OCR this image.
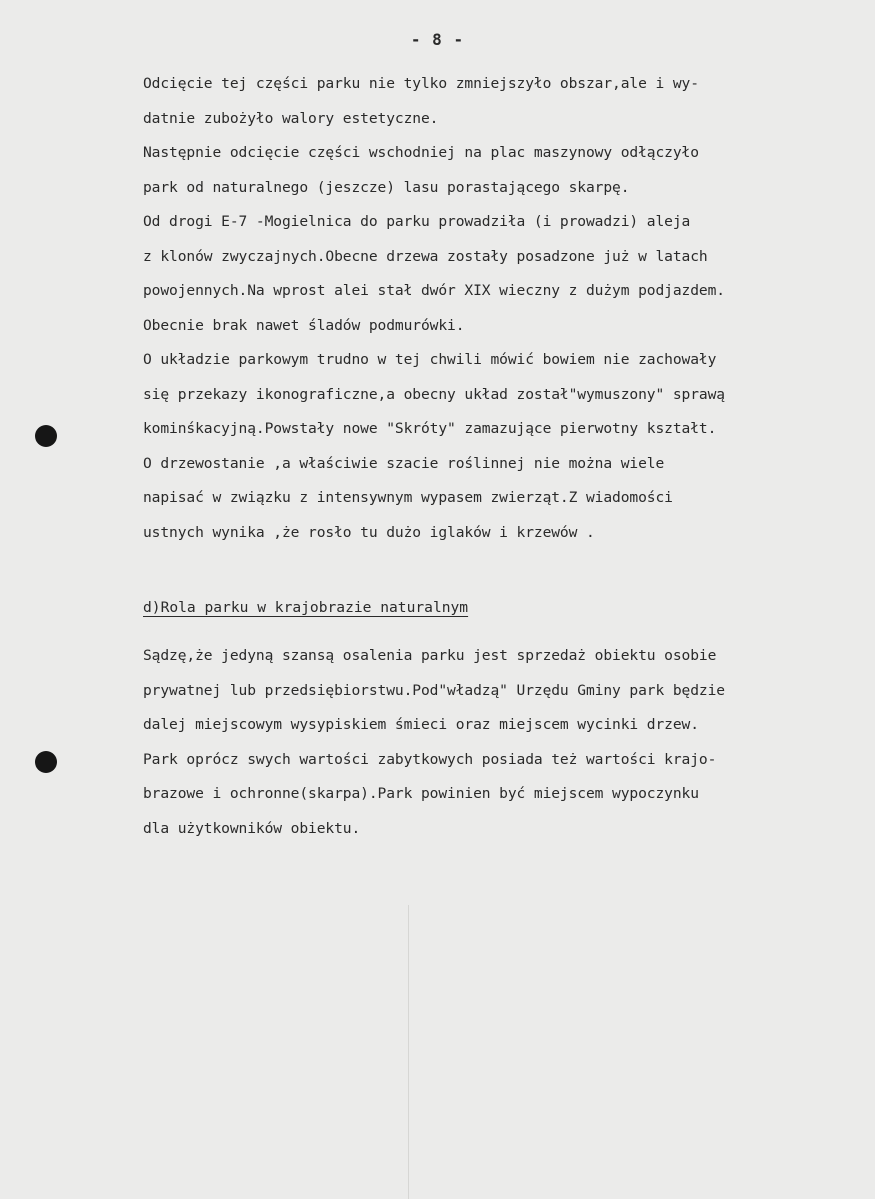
- 8 -
Odcięcie tej części parku nie tylko zmniejszyło obszar,ale i wy-
datnie zubożyło walory estetyczne.
Następnie odcięcie części wschodniej na plac maszynowy odłączyło
park od naturalnego (jeszcze) lasu porastającego skarpę.
Od drogi E-7 -Mogielnica do parku prowadziła (i prowadzi) aleja
z klonów zwyczajnych.Obecne drzewa zostały posadzone już w latach
powojennych.Na wprost alei stał dwór XIX wieczny z dużym podjazdem.
Obecnie brak nawet śladów podmurówki.
O układzie parkowym trudno w tej chwili mówić bowiem nie zachowały
się przekazy ikonograficzne,a obecny układ został"wymuszony" sprawą
kominśkacyjną.Powstały nowe "Skróty" zamazujące pierwotny kształt.
O drzewostanie ,a właściwie szacie roślinnej nie można wiele
napisać w związku z intensywnym wypasem zwierząt.Z wiadomości
ustnych wynika ,że rosło tu dużo iglaków i krzewów .
d)Rola parku w krajobrazie naturalnym
Sądzę,że jedyną szansą osalenia parku jest sprzedaż obiektu osobie
prywatnej lub przedsiębiorstwu.Pod"władzą" Urzędu Gminy park będzie
dalej miejscowym wysypiskiem śmieci oraz miejscem wycinki drzew.
Park oprócz swych wartości zabytkowych posiada też wartości krajo-
brazowe i ochronne(skarpa).Park powinien być miejscem wypoczynku
dla użytkowników obiektu.
